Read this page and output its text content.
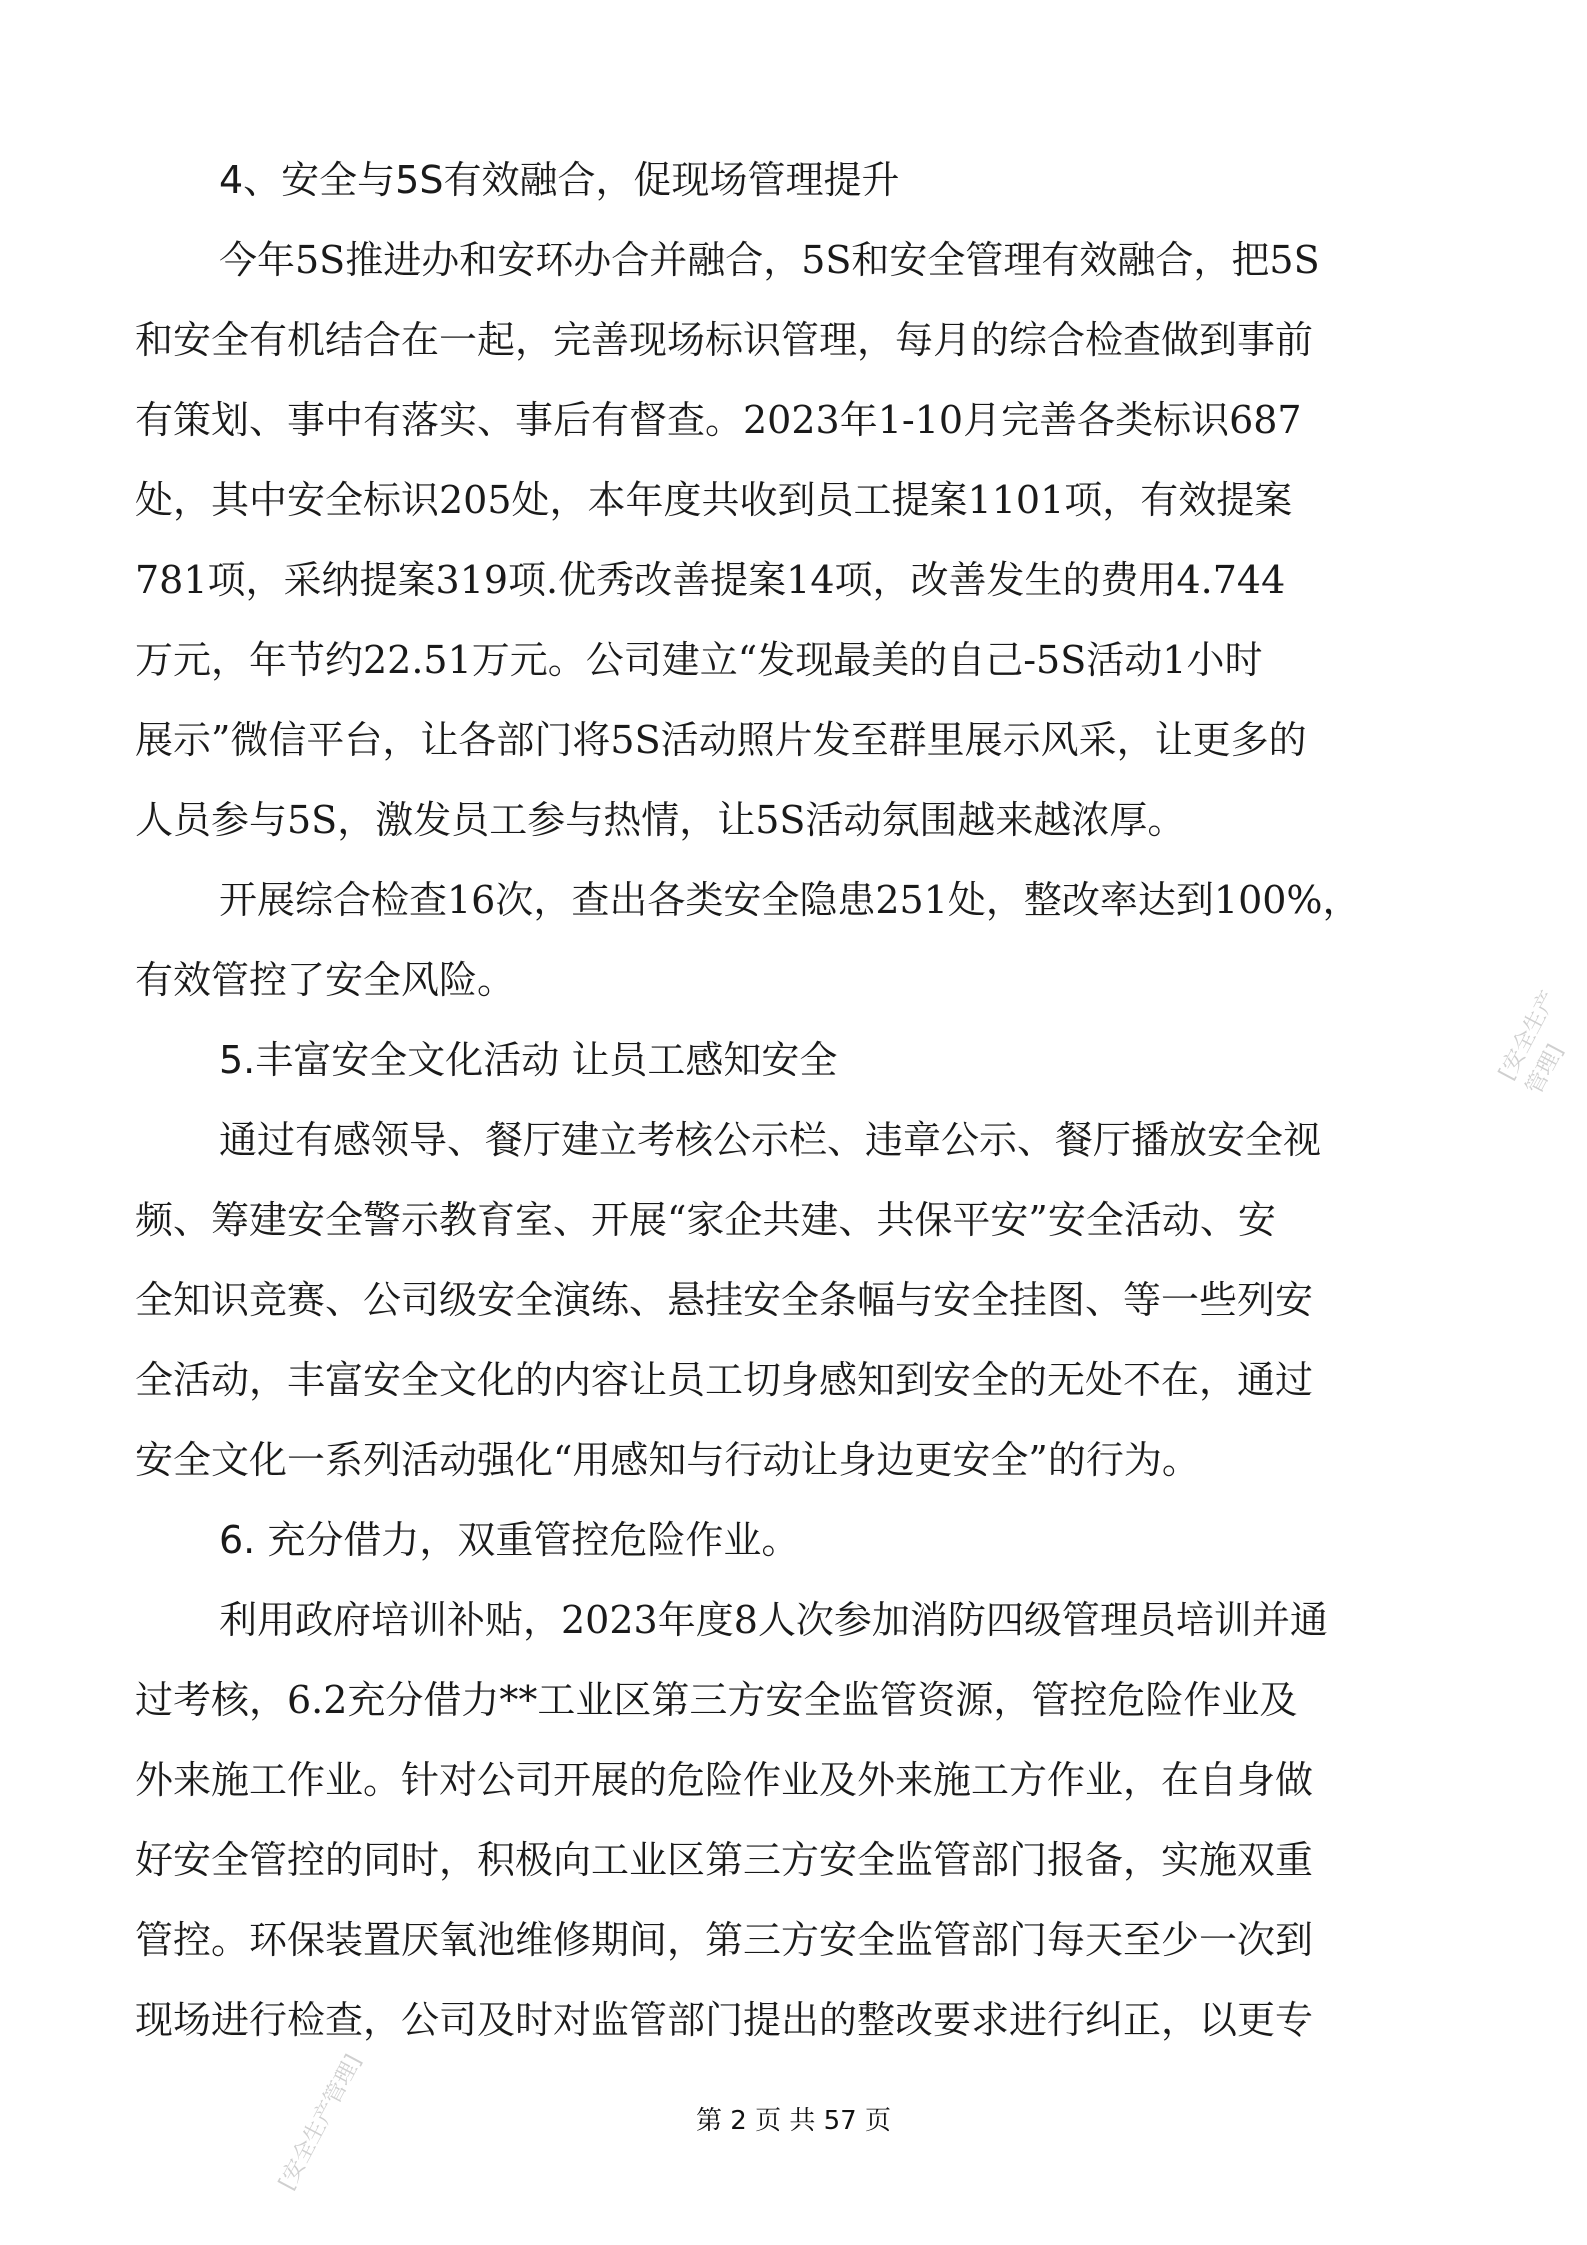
4、安全与5S有效融合，促现场管理提升
今年5S推进办和安环办合并融合，5S和安全管理有效融合，把5S
和安全有机结合在一起，完善现场标识管理，每月的综合检查做到事前
有策划、事中有落实、事后有督查。2023年1-10月完善各类标识687
处，其中安全标识205处，本年度共收到员工提案1101项，有效提案
781项，采纳提案319项.优秀改善提案14项，改善发生的费用4.744
万元，年节约22.51万元。公司建立“发现最美的自己-5S活动1小时
展示”微信平台，让各部门将5S活动照片发至群里展示风采，让更多的
人员参与5S，激发员工参与热情，让5S活动氛围越来越浓厚。
开展综合检查16次，查出各类安全隐患251处，整改率达到100%，
有效管控了安全风险。
5.丰富安全文化活动 让员工感知安全
通过有感领导、餐厅建立考核公示栏、违章公示、餐厅播放安全视
频、筹建安全警示教育室、开展“家企共建、共保平安”安全活动、安
全知识竞赛、公司级安全演练、悬挂安全条幅与安全挂图、等一些列安
全活动，丰富安全文化的内容让员工切身感知到安全的无处不在，通过
安全文化一系列活动强化“用感知与行动让身边更安全”的行为。
6. 充分借力，双重管控危险作业。
利用政府培训补贴，2023年度8人次参加消防四级管理员培训并通
过考核，6.2充分借力**工业区第三方安全监管资源，管控危险作业及
外来施工作业。针对公司开展的危险作业及外来施工方作业，在自身做
好安全管控的同时，积极向工业区第三方安全监管部门报备，实施双重
管控。环保装置厌氧池维修期间，第三方安全监管部门每天至少一次到
现场进行检查，公司及时对监管部门提出的整改要求进行纠正，以更专
第 2 页 共 57 页
[安全生产管理]
[安全生产管理]
